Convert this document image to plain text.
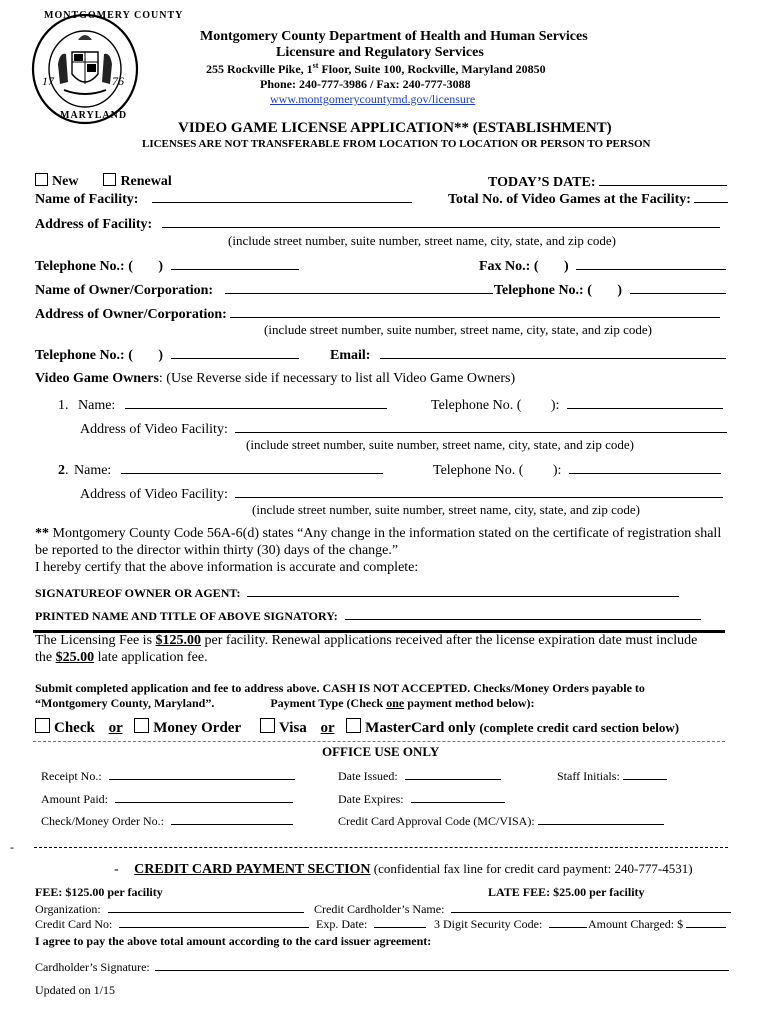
MONTGOMERY COUNTY
MARYLAND
17	76
Montgomery County Department of Health and Human Services
Licensure and Regulatory Services
255 Rockville Pike, 1st Floor, Suite 100, Rockville, Maryland 20850
Phone: 240-777-3986 / Fax: 240-777-3088
www.montgomerycountymd.gov/licensure
VIDEO GAME LICENSE APPLICATION** (ESTABLISHMENT)
LICENSES ARE NOT TRANSFERABLE FROM LOCATION TO LOCATION OR PERSON TO PERSON
New	Renewal	TODAY’S DATE:
Name of Facility:	Total No. of Video Games at the Facility:
Address of Facility:
(include street number, suite number, street name, city, state, and zip code)
Telephone No.: ( )	Fax No.: ( )
Name of Owner/Corporation:	Telephone No.: ( )
Address of Owner/Corporation:
(include street number, suite number, street name, city, state, and zip code)
Telephone No.: ( )	Email:
Video Game Owners: (Use Reverse side if necessary to list all Video Game Owners)
1. Name:	Telephone No. ( ):
Address of Video Facility:
(include street number, suite number, street name, city, state, and zip code)
2. Name:	Telephone No. ( ):
Address of Video Facility:
(include street number, suite number, street name, city, state, and zip code)
** Montgomery County Code 56A-6(d) states “Any change in the information stated on the certificate of registration shall
be reported to the director within thirty (30) days of the change.”
I hereby certify that the above information is accurate and complete:
SIGNATUREOF OWNER OR AGENT:
PRINTED NAME AND TITLE OF ABOVE SIGNATORY:
The Licensing Fee is $125.00 per facility. Renewal applications received after the license expiration date must include
the $25.00 late application fee.
Submit completed application and fee to address above. CASH IS NOT ACCEPTED. Checks/Money Orders payable to
“Montgomery County, Maryland”.	Payment Type (Check one payment method below):
Check or Money Order	Visa or MasterCard only (complete credit card section below)
OFFICE USE ONLY
Receipt No.:	Date Issued:	Staff Initials:
Amount Paid:	Date Expires:
Check/Money Order No.:	Credit Card Approval Code (MC/VISA):
-
- CREDIT CARD PAYMENT SECTION (confidential fax line for credit card payment: 240-777-4531)
FEE: $125.00 per facility	LATE FEE: $25.00 per facility
Organization:	Credit Cardholder’s Name:
Credit Card No:	Exp. Date:	3 Digit Security Code:	Amount Charged: $
I agree to pay the above total amount according to the card issuer agreement:
Cardholder’s Signature:
Updated on 1/15
